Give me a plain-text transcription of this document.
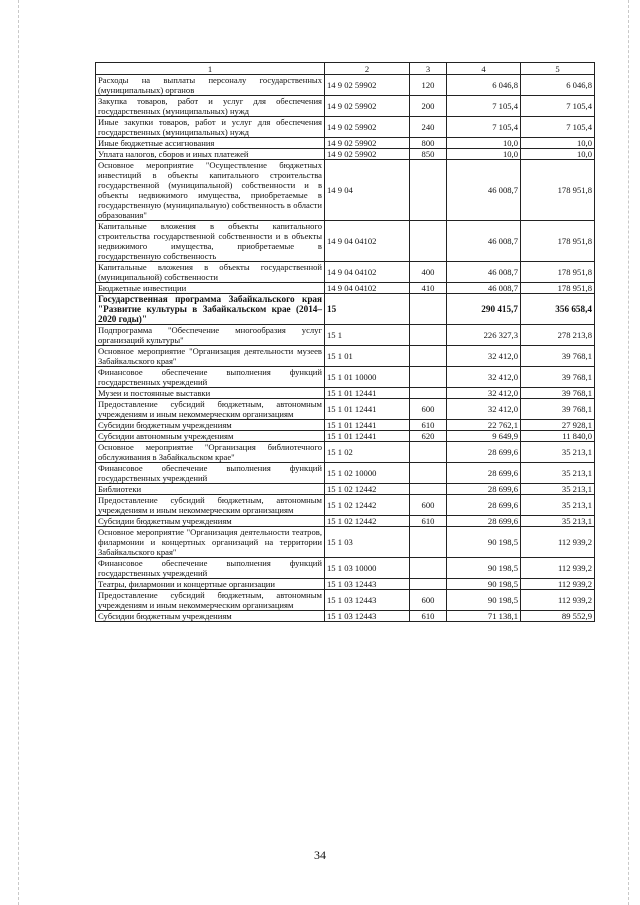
1	2	3	4	5
Расходы на выплаты персоналу государственных (муниципальных) органов	14 9 02 59902	120	6 046,8	6 046,8
Закупка товаров, работ и услуг для обеспечения государственных (муниципальных) нужд	14 9 02 59902	200	7 105,4	7 105,4
Иные закупки товаров, работ и услуг для обеспечения государственных (муниципальных) нужд	14 9 02 59902	240	7 105,4	7 105,4
Иные бюджетные ассигнования	14 9 02 59902	800	10,0	10,0
Уплата налогов, сборов и иных платежей	14 9 02 59902	850	10,0	10,0
Основное мероприятие "Осуществление бюджетных инвестиций в объекты капитального строительства государственной (муниципальной) собственности и в объекты недвижимого имущества, приобретаемые в государственную (муниципальную) собственность в области образования"	14 9 04		46 008,7	178 951,8
Капитальные вложения в объекты капитального строительства государственной собственности и в объекты недвижимого имущества, приобретаемые в государственную собственность	14 9 04 04102		46 008,7	178 951,8
Капитальные вложения в объекты государственной (муниципальной) собственности	14 9 04 04102	400	46 008,7	178 951,8
Бюджетные инвестиции	14 9 04 04102	410	46 008,7	178 951,8
Государственная программа Забайкальского края "Развитие культуры в Забайкальском крае (2014–2020 годы)"	15		290 415,7	356 658,4
Подпрограмма "Обеспечение многообразия услуг организаций культуры"	15 1		226 327,3	278 213,8
Основное мероприятие "Организация деятельности музеев Забайкальского края"	15 1 01		32 412,0	39 768,1
Финансовое обеспечение выполнения функций государственных учреждений	15 1 01 10000		32 412,0	39 768,1
Музеи и постоянные выставки	15 1 01 12441		32 412,0	39 768,1
Предоставление субсидий бюджетным, автономным учреждениям и иным некоммерческим организациям	15 1 01 12441	600	32 412,0	39 768,1
Субсидии бюджетным учреждениям	15 1 01 12441	610	22 762,1	27 928,1
Субсидии автономным учреждениям	15 1 01 12441	620	9 649,9	11 840,0
Основное мероприятие "Организация библиотечного обслуживания в Забайкальском крае"	15 1 02		28 699,6	35 213,1
Финансовое обеспечение выполнения функций государственных учреждений	15 1 02 10000		28 699,6	35 213,1
Библиотеки	15 1 02 12442		28 699,6	35 213,1
Предоставление субсидий бюджетным, автономным учреждениям и иным некоммерческим организациям	15 1 02 12442	600	28 699,6	35 213,1
Субсидии бюджетным учреждениям	15 1 02 12442	610	28 699,6	35 213,1
Основное мероприятие "Организация деятельности театров, филармонии и концертных организаций на территории Забайкальского края"	15 1 03		90 198,5	112 939,2
Финансовое обеспечение выполнения функций государственных учреждений	15 1 03 10000		90 198,5	112 939,2
Театры, филармонии и концертные организации	15 1 03 12443		90 198,5	112 939,2
Предоставление субсидий бюджетным, автономным учреждениям и иным некоммерческим организациям	15 1 03 12443	600	90 198,5	112 939,2
Субсидии бюджетным учреждениям	15 1 03 12443	610	71 138,1	89 552,9
34
